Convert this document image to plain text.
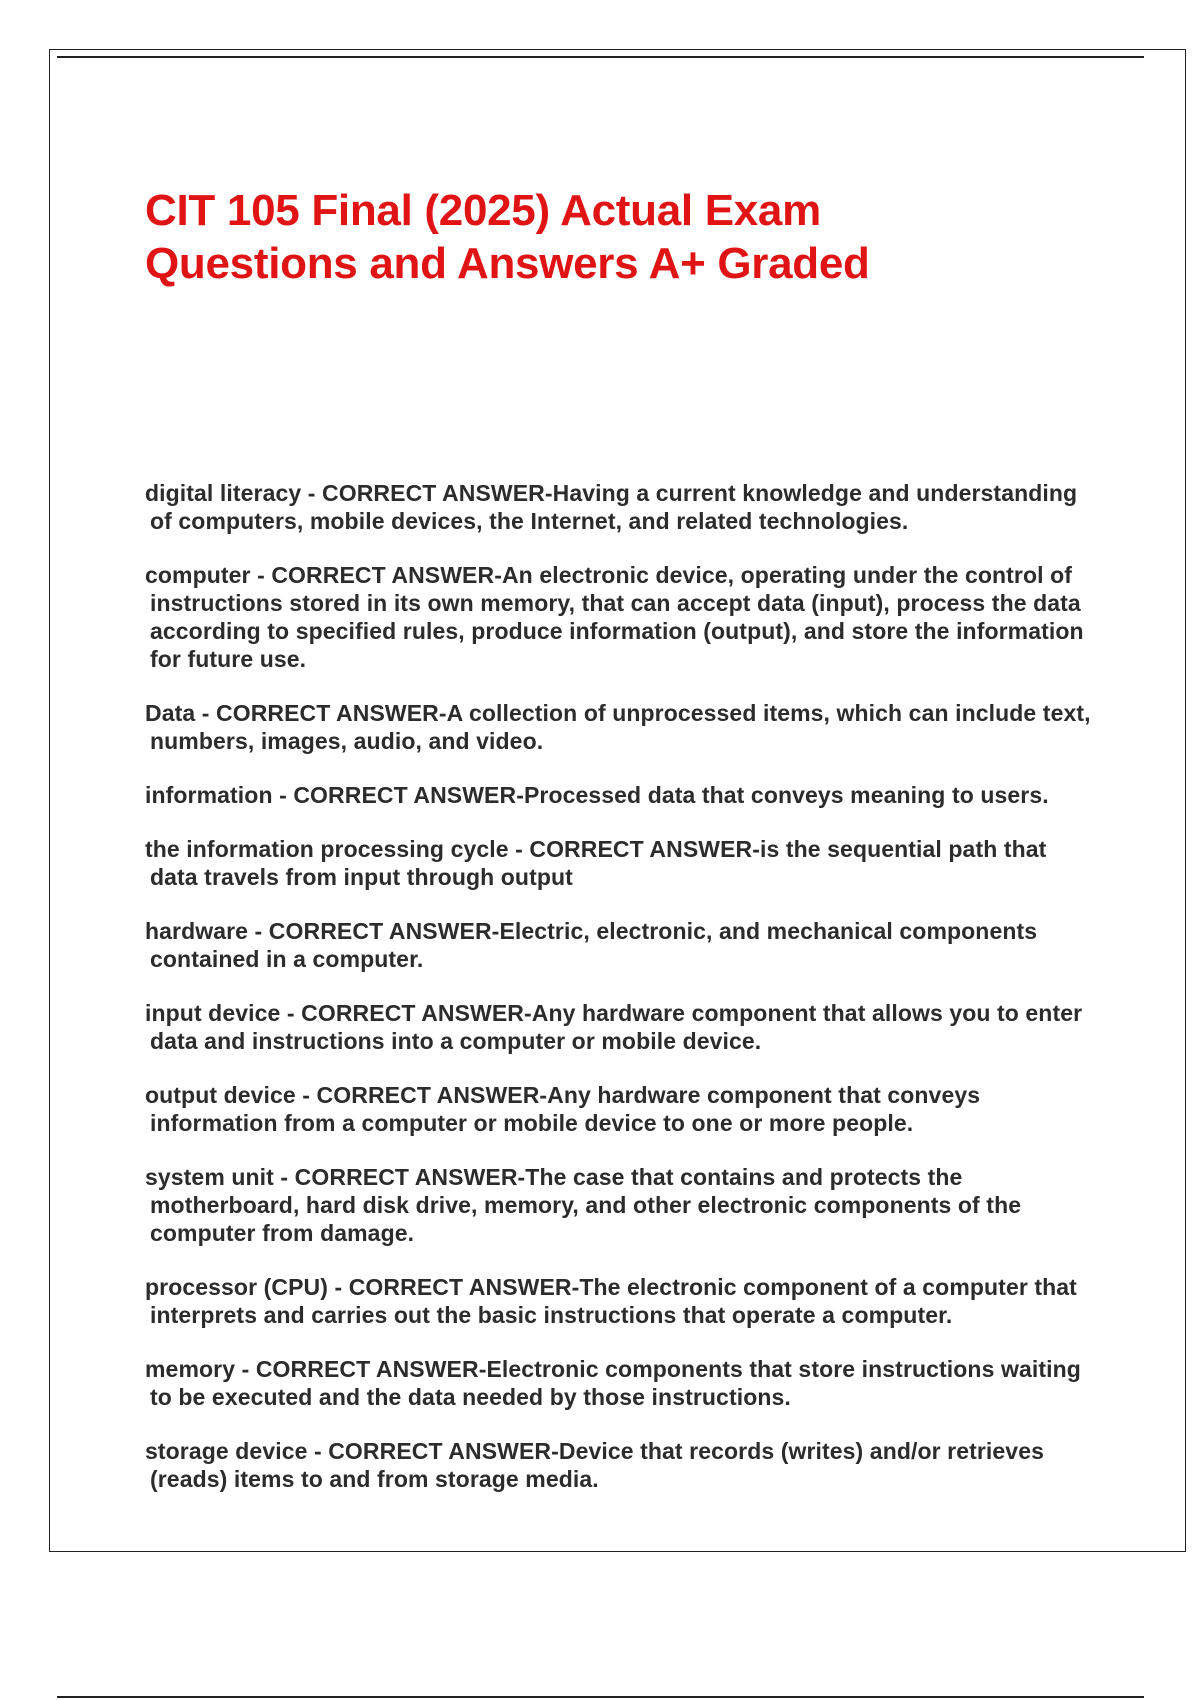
CIT 105 Final (2025) Actual Exam
Questions and Answers A+ Graded
digital literacy - CORRECT ANSWER-Having a current knowledge and understanding of computers, mobile devices, the Internet, and related technologies.
computer - CORRECT ANSWER-An electronic device, operating under the control of instructions stored in its own memory, that can accept data (input), process the data according to specified rules, produce information (output), and store the information for future use.
Data - CORRECT ANSWER-A collection of unprocessed items, which can include text, numbers, images, audio, and video.
information - CORRECT ANSWER-Processed data that conveys meaning to users.
the information processing cycle - CORRECT ANSWER-is the sequential path that data travels from input through output
hardware - CORRECT ANSWER-Electric, electronic, and mechanical components contained in a computer.
input device - CORRECT ANSWER-Any hardware component that allows you to enter data and instructions into a computer or mobile device.
output device - CORRECT ANSWER-Any hardware component that conveys information from a computer or mobile device to one or more people.
system unit - CORRECT ANSWER-The case that contains and protects the motherboard, hard disk drive, memory, and other electronic components of the computer from damage.
processor (CPU) - CORRECT ANSWER-The electronic component of a computer that interprets and carries out the basic instructions that operate a computer.
memory - CORRECT ANSWER-Electronic components that store instructions waiting to be executed and the data needed by those instructions.
storage device - CORRECT ANSWER-Device that records (writes) and/or retrieves (reads) items to and from storage media.
